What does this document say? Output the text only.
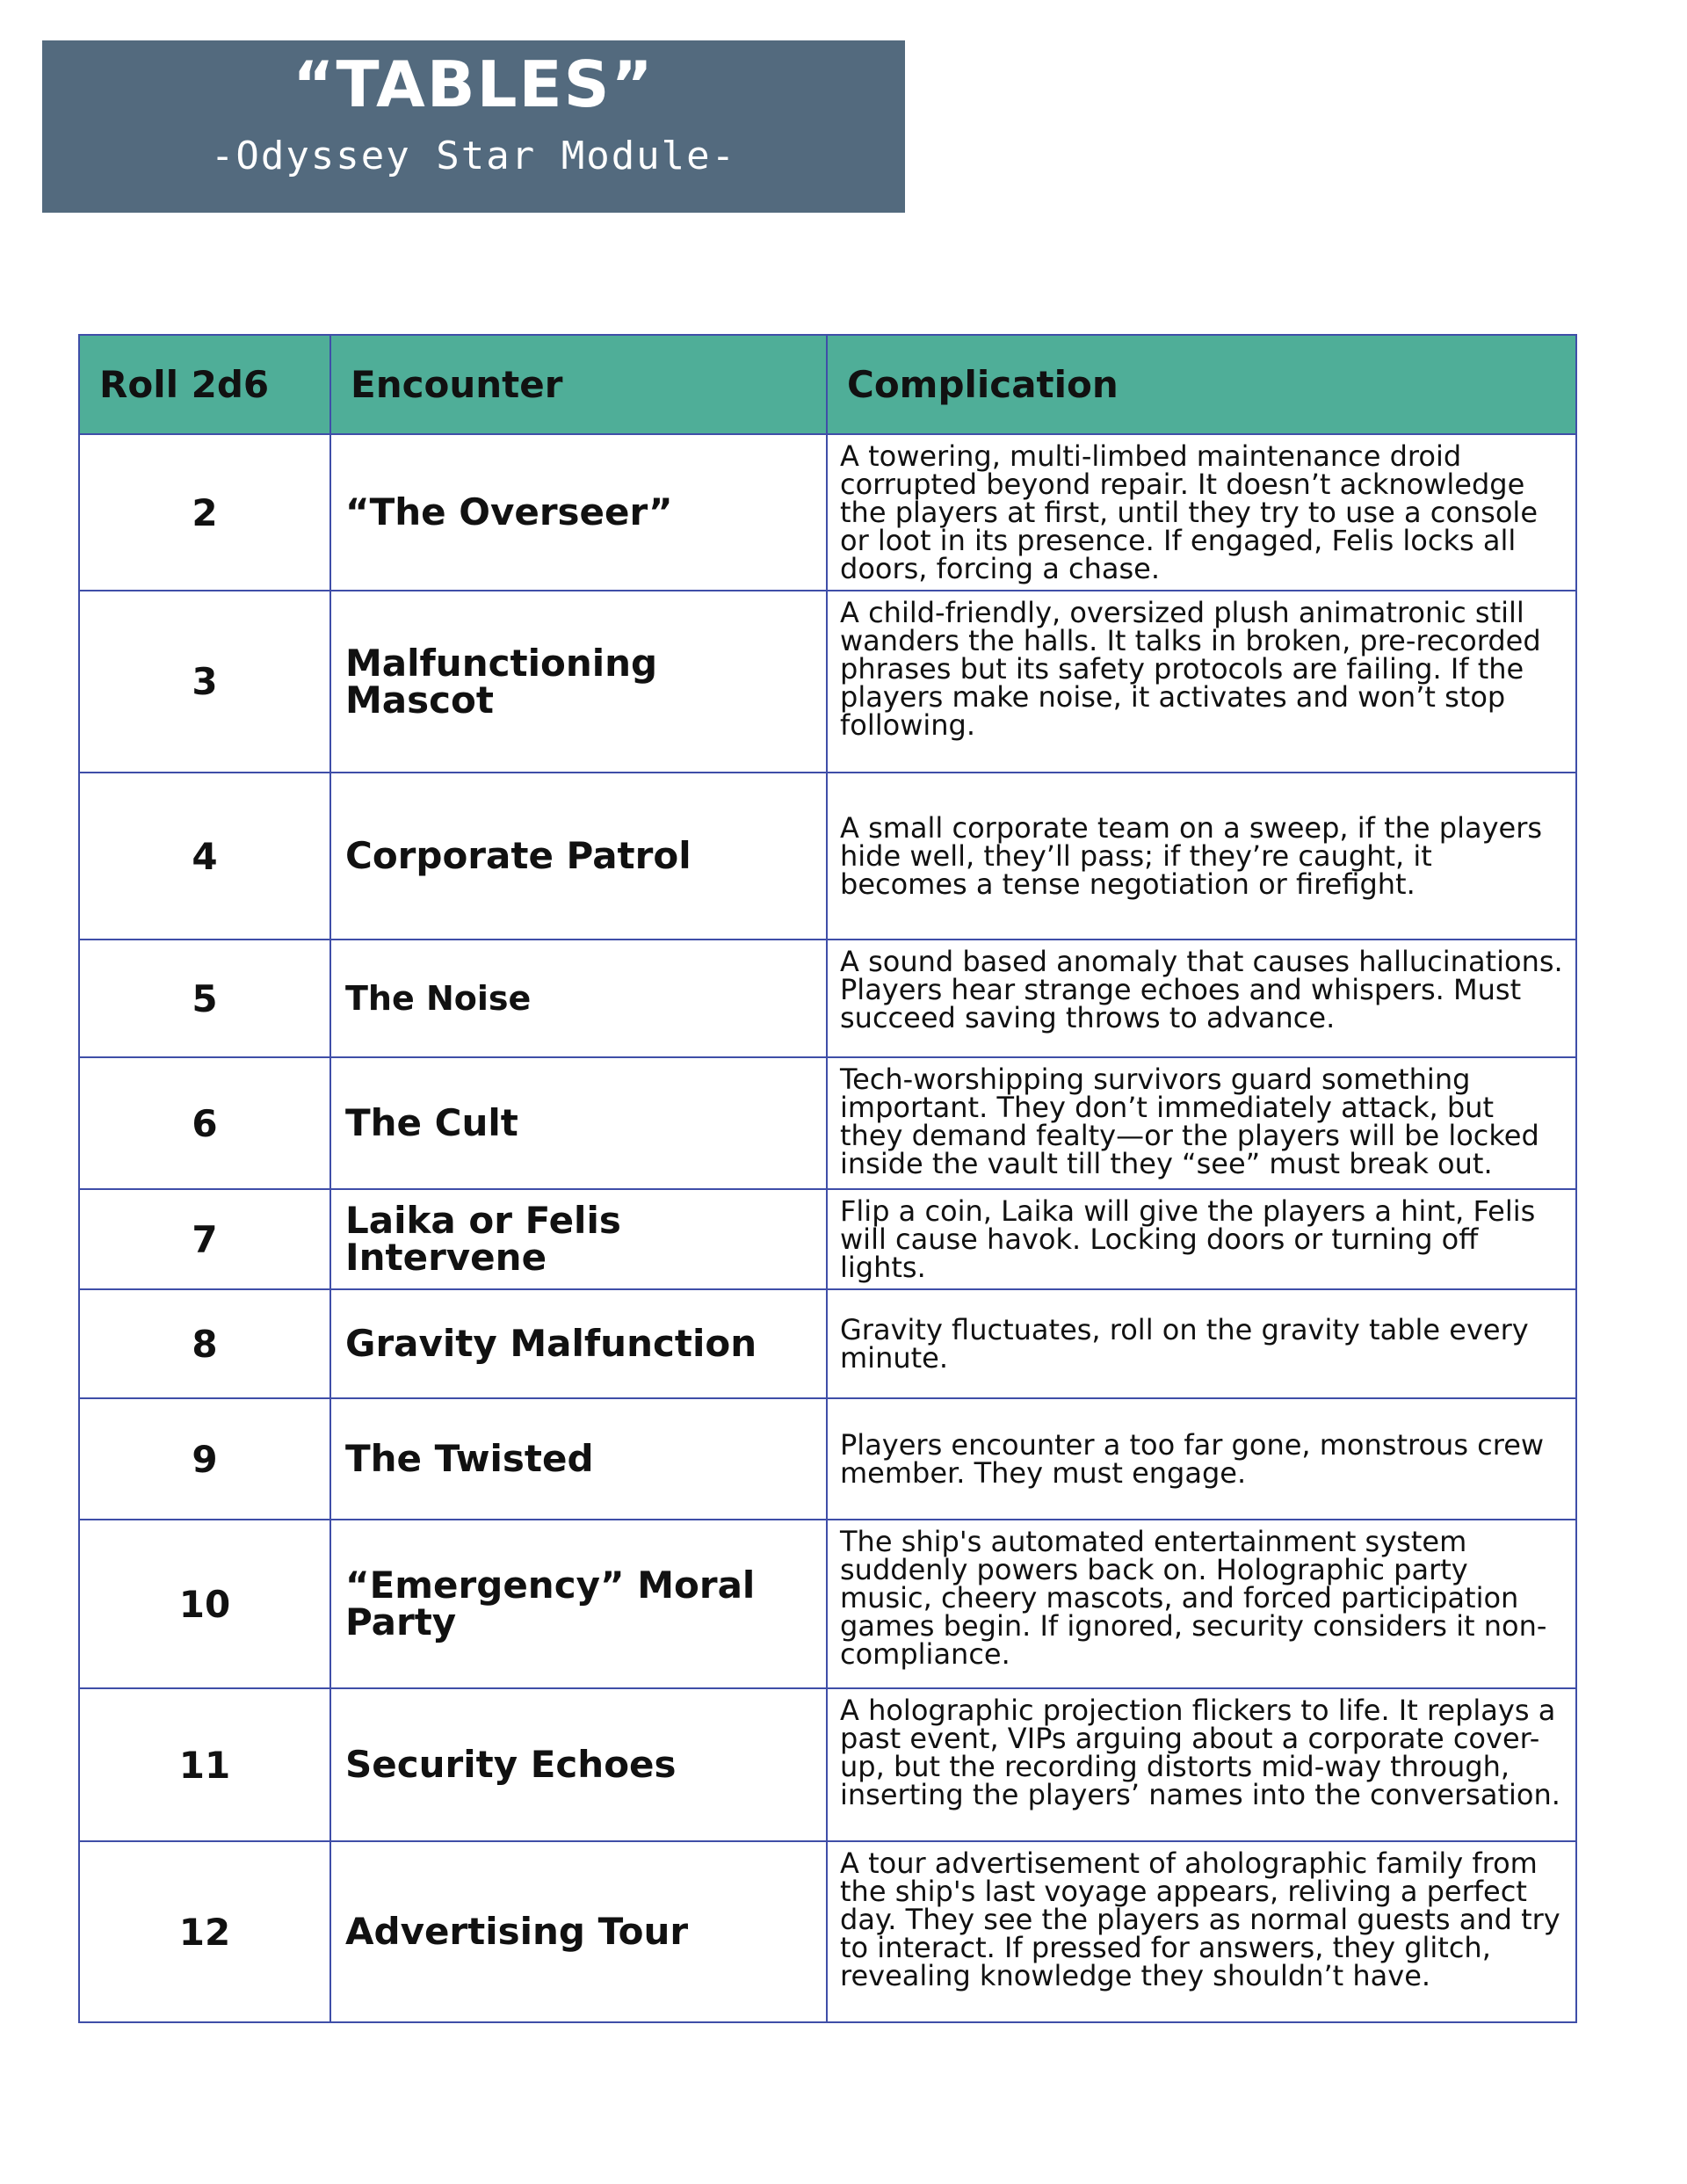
“TABLES”
-Odyssey Star Module-
Roll 2d6	Encounter	Complication
2	“The Overseer”	A towering, multi-limbed maintenance droid corrupted beyond repair. It doesn’t acknowledge the players at first, until they try to use a console or loot in its presence. If engaged, Felis locks all doors, forcing a chase.
3	Malfunctioning Mascot	A child-friendly, oversized plush animatronic still wanders the halls. It talks in broken, pre-recorded phrases but its safety protocols are failing. If the players make noise, it activates and won’t stop following.
4	Corporate Patrol	A small corporate team on a sweep, if the players hide well, they’ll pass; if they’re caught, it becomes a tense negotiation or firefight.
5	The Noise	A sound based anomaly that causes hallucinations. Players hear strange echoes and whispers. Must succeed saving throws to advance.
6	The Cult	Tech-worshipping survivors guard something important. They don’t immediately attack, but they demand fealty—or the players will be locked inside the vault till they “see” must break out.
7	Laika or Felis Intervene	Flip a coin, Laika will give the players a hint, Felis will cause havok. Locking doors or turning off lights.
8	Gravity Malfunction	Gravity fluctuates, roll on the gravity table every minute.
9	The Twisted	Players encounter a too far gone, monstrous crew member. They must engage.
10	“Emergency” Moral Party	The ship's automated entertainment system suddenly powers back on. Holographic party music, cheery mascots, and forced participation games begin. If ignored, security considers it non-compliance.
11	Security Echoes	A holographic projection flickers to life. It replays a past event, VIPs arguing about a corporate cover-up, but the recording distorts mid-way through, inserting the players’ names into the conversation.
12	Advertising Tour	A tour advertisement of aholographic family from the ship's last voyage appears, reliving a perfect day. They see the players as normal guests and try to interact. If pressed for answers, they glitch, revealing knowledge they shouldn’t have.
